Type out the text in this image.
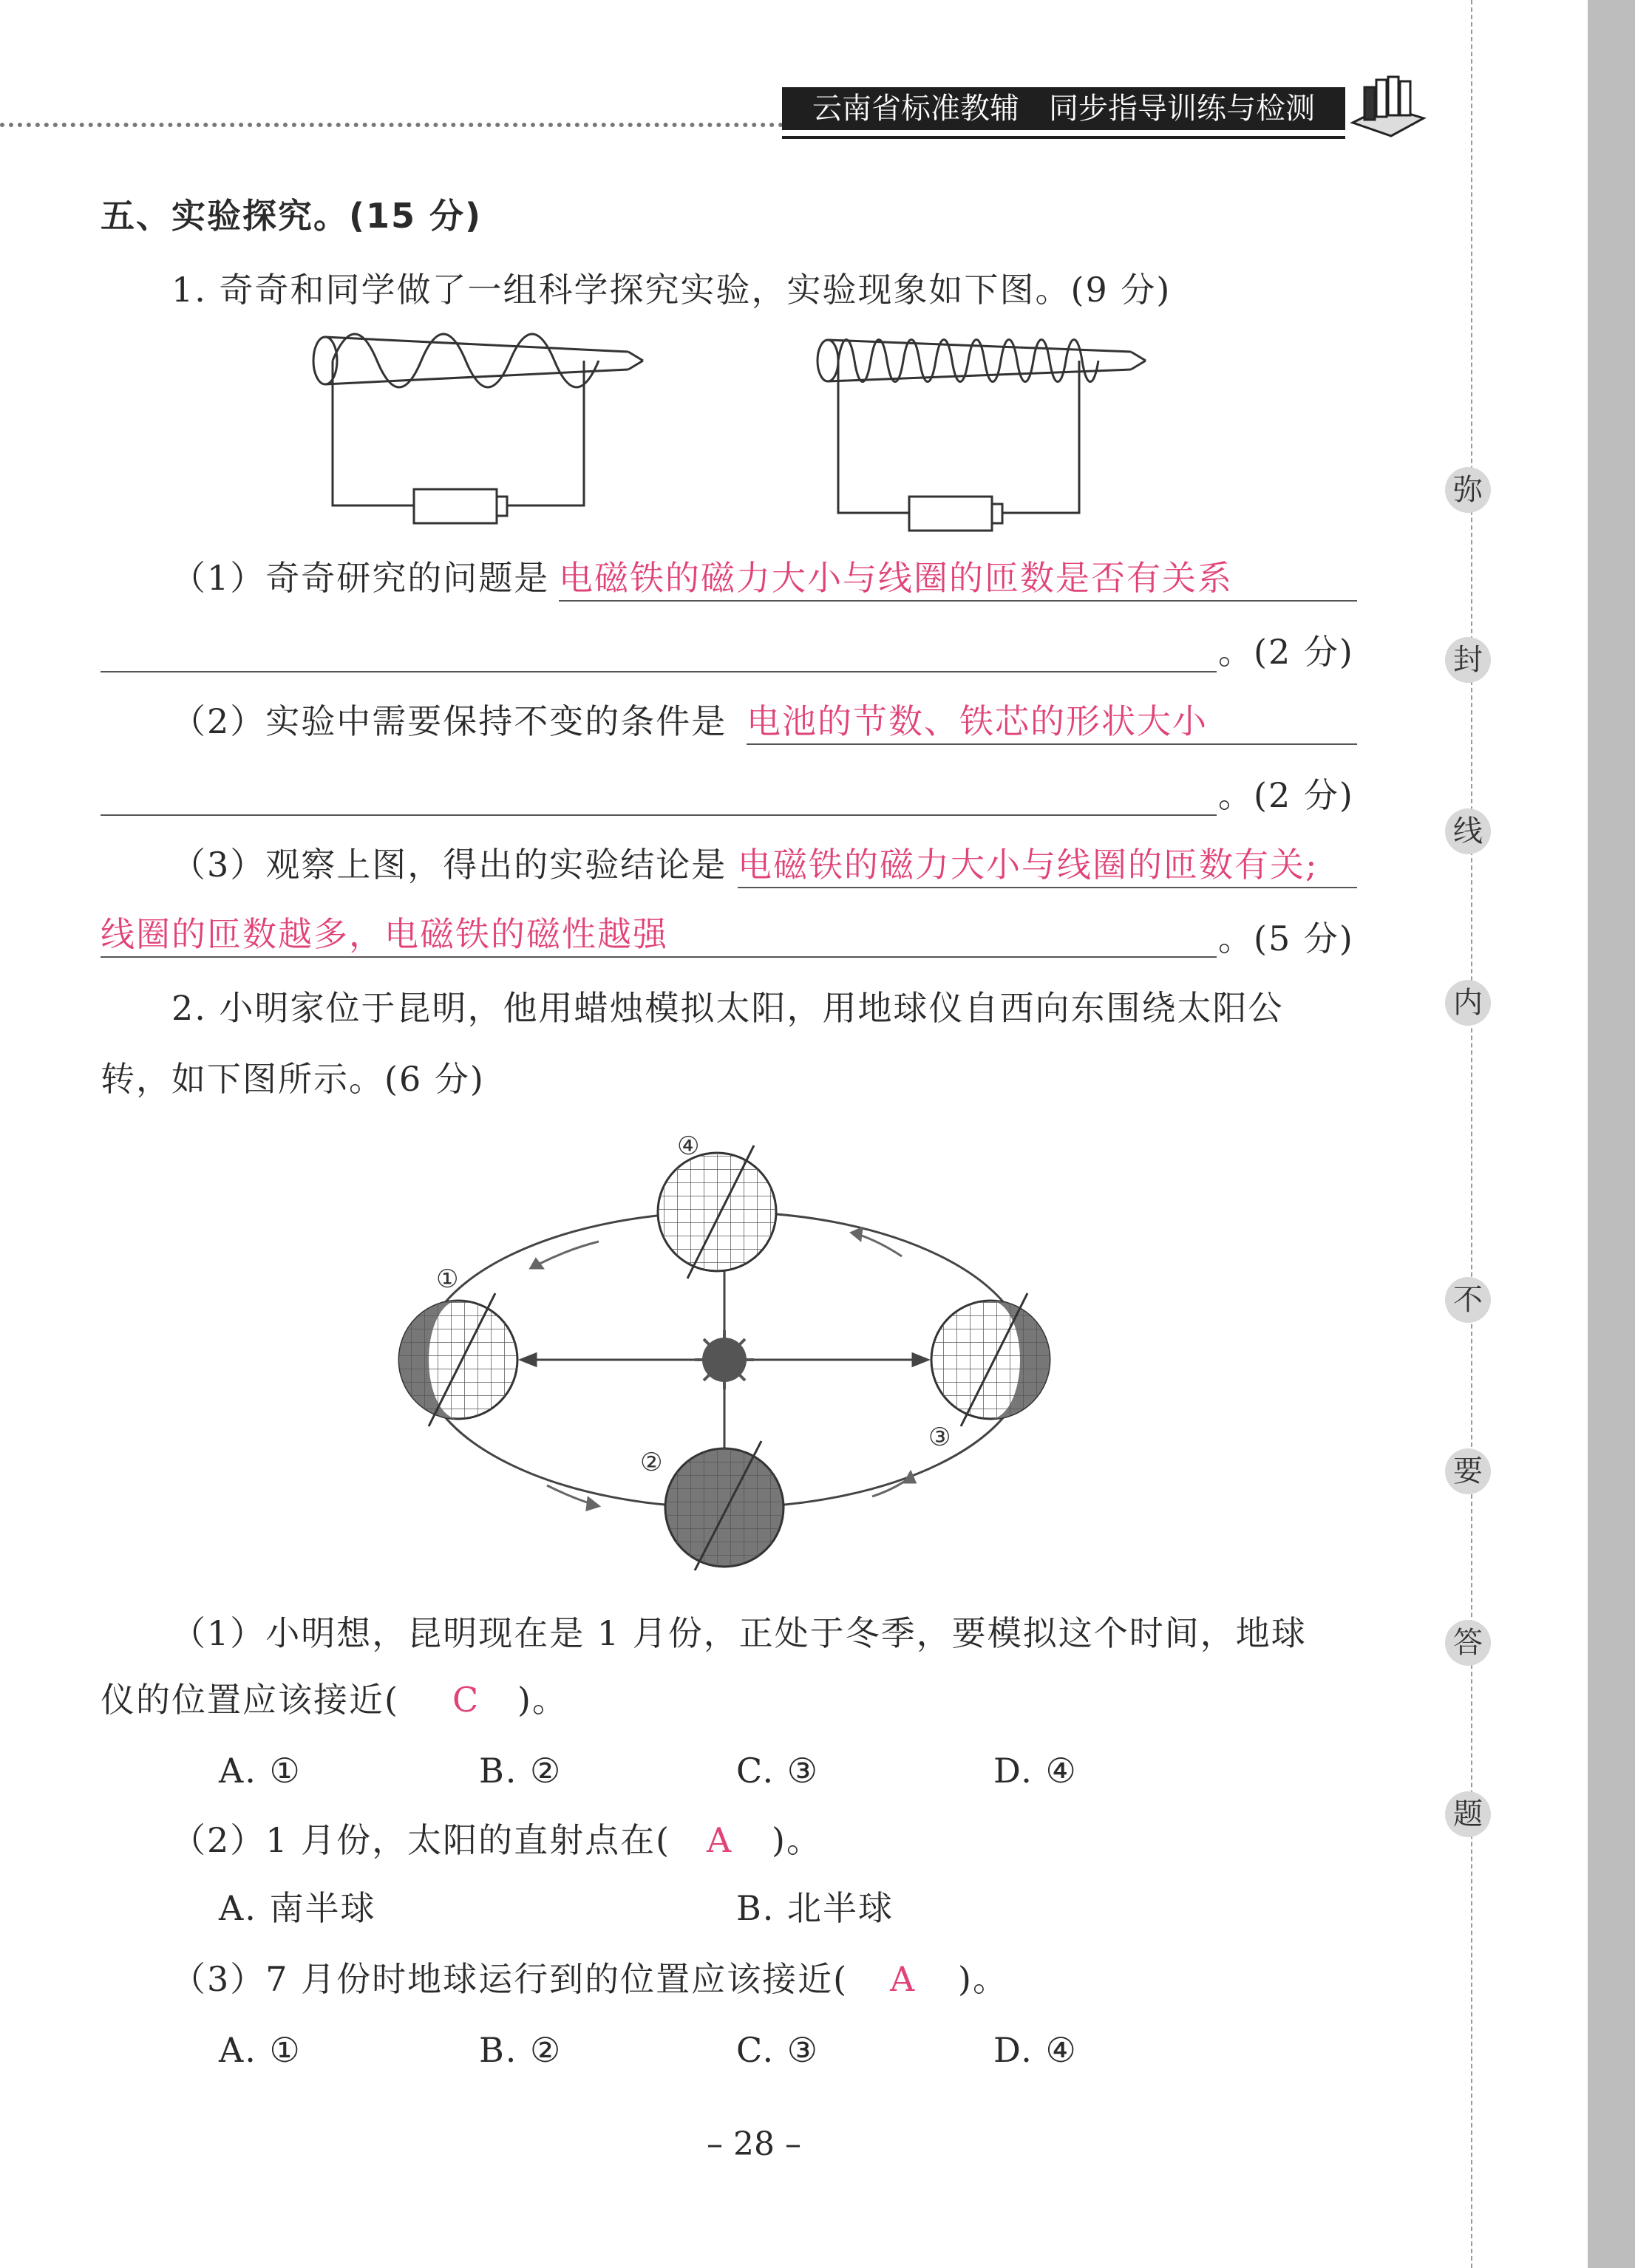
云南省标准教辅　同步指导训练与检测
弥
封
线
内
不
要
答
题
五、实验探究。(15 分)
1. 奇奇和同学做了一组科学探究实验，实验现象如下图。(9 分)
（1）奇奇研究的问题是 电磁铁的磁力大小与线圈的匝数是否有关系
。(2 分)
（2）实验中需要保持不变的条件是 电池的节数、铁芯的形状大小
。(2 分)
（3）观察上图，得出的实验结论是 电磁铁的磁力大小与线圈的匝数有关;
线圈的匝数越多，电磁铁的磁性越强	。(5 分)
2. 小明家位于昆明，他用蜡烛模拟太阳，用地球仪自西向东围绕太阳公
转，如下图所示。(6 分)
④
①
③
②
（1）小明想，昆明现在是 1 月份，正处于冬季，要模拟这个时间，地球
仪的位置应该接近( C )。
A. ①	B. ②	C. ③	D. ④
（2）1 月份，太阳的直射点在( A )。
A. 南半球	B. 北半球
（3）7 月份时地球运行到的位置应该接近( A )。
A. ①	B. ②	C. ③	D. ④
– 28 –
